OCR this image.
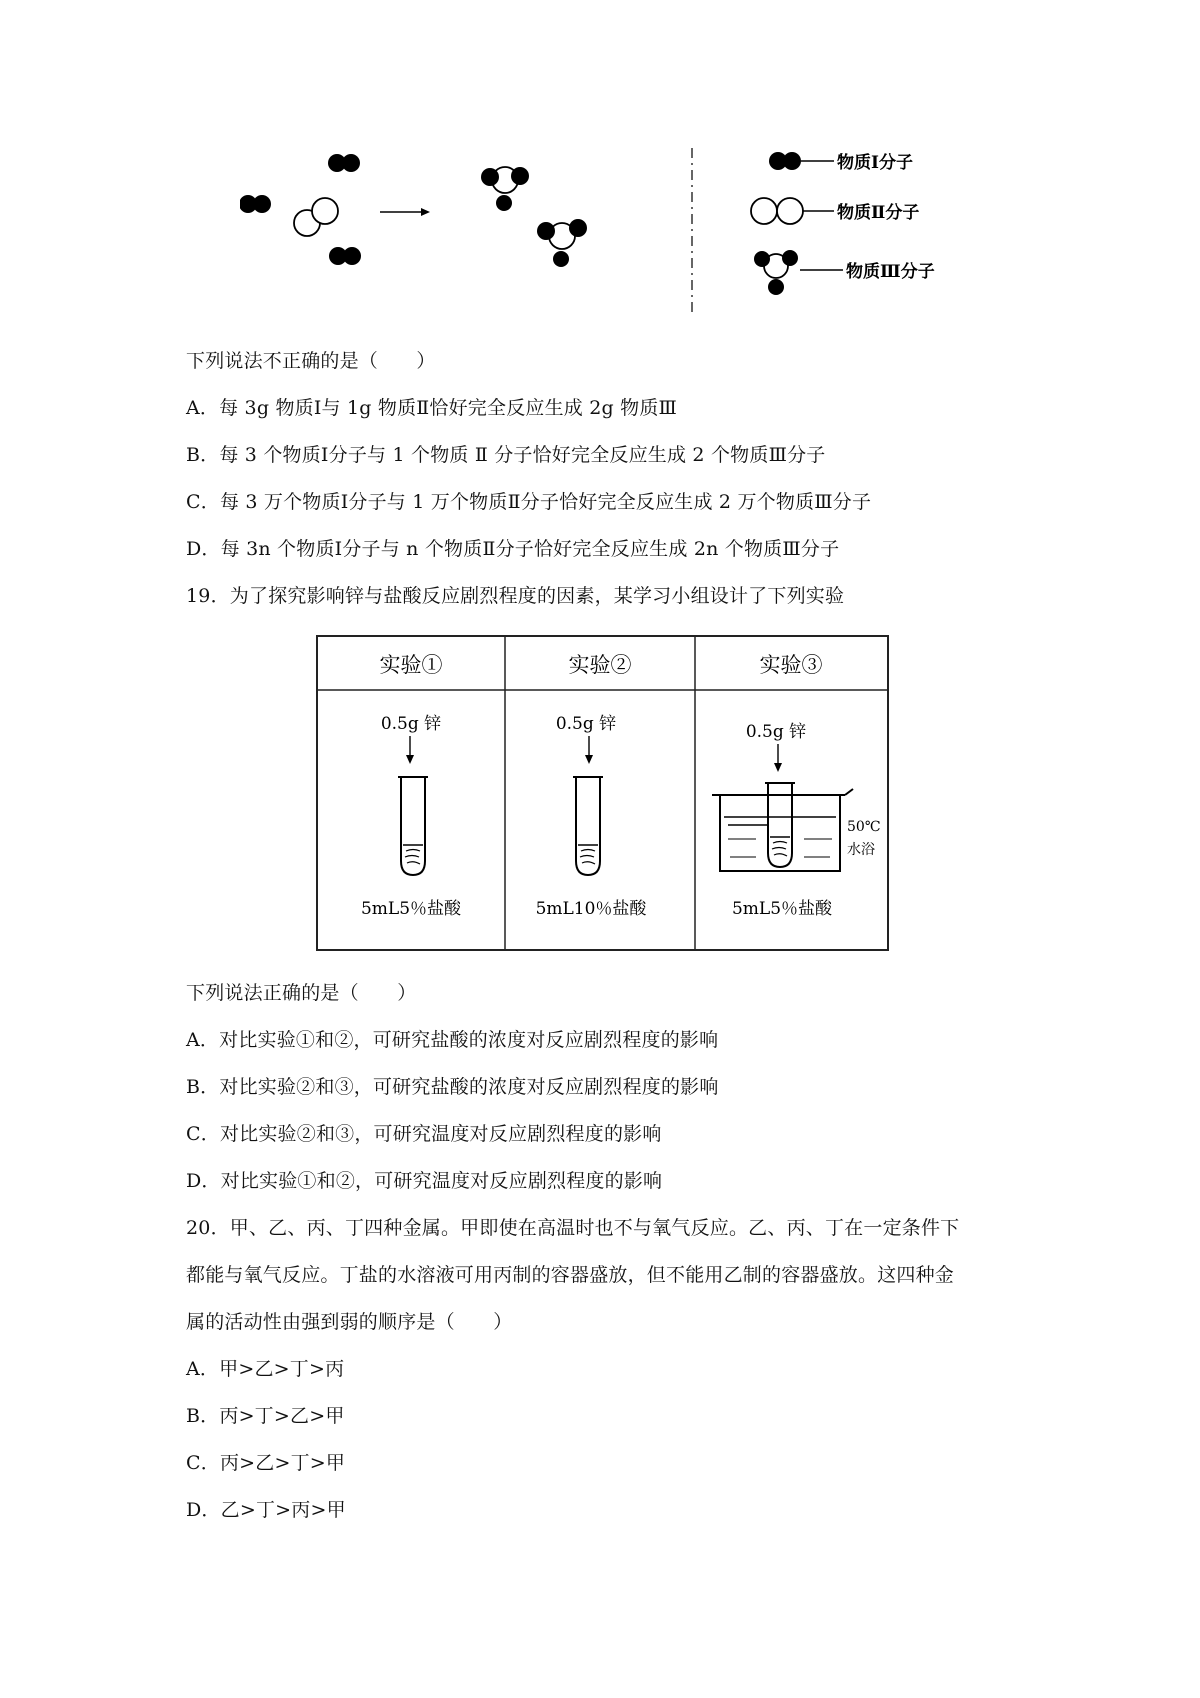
物质Ⅰ分子
物质Ⅱ分子
物质Ⅲ分子
下列说法不正确的是（　　）
A．每 3g 物质Ⅰ与 1g 物质Ⅱ恰好完全反应生成 2g 物质Ⅲ
B．每 3 个物质Ⅰ分子与 1 个物质 Ⅱ 分子恰好完全反应生成 2 个物质Ⅲ分子
C．每 3 万个物质Ⅰ分子与 1 万个物质Ⅱ分子恰好完全反应生成 2 万个物质Ⅲ分子
D．每 3n 个物质Ⅰ分子与 n 个物质Ⅱ分子恰好完全反应生成 2n 个物质Ⅲ分子
19．为了探究影响锌与盐酸反应剧烈程度的因素，某学习小组设计了下列实验
实验①	实验②	实验③
0.5g 锌
5mL5％盐酸
0.5g 锌
5mL10％盐酸
0.5g 锌
50℃
水浴
5mL5％盐酸
下列说法正确的是（　　）
A．对比实验①和②，可研究盐酸的浓度对反应剧烈程度的影响
B．对比实验②和③，可研究盐酸的浓度对反应剧烈程度的影响
C．对比实验②和③，可研究温度对反应剧烈程度的影响
D．对比实验①和②，可研究温度对反应剧烈程度的影响
20．甲、乙、丙、丁四种金属。甲即使在高温时也不与氧气反应。乙、丙、丁在一定条件下
都能与氧气反应。丁盐的水溶液可用丙制的容器盛放，但不能用乙制的容器盛放。这四种金
属的活动性由强到弱的顺序是（　　）
A．甲>乙>丁>丙
B．丙>丁>乙>甲
C．丙>乙>丁>甲
D．乙>丁>丙>甲
